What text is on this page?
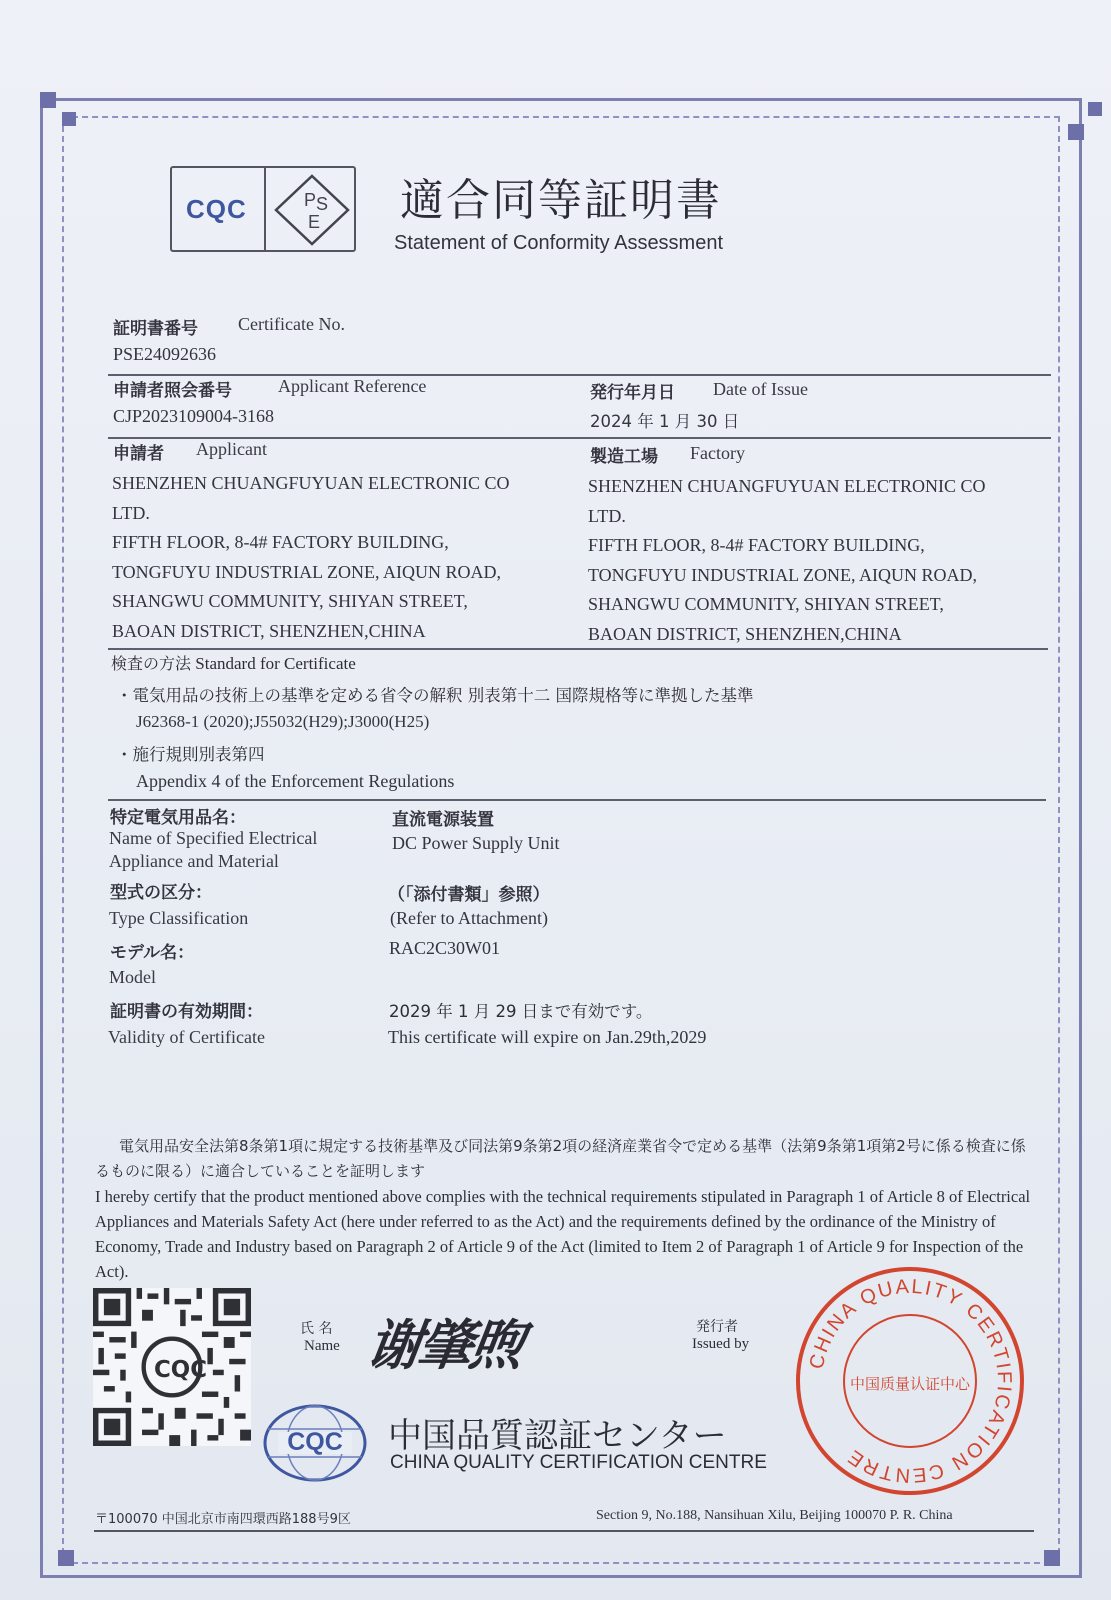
CQC	P S
E 適合同等証明書
Statement of Conformity Assessment
証明書番号 Certificate No.
PSE24092636
申請者照会番号	Applicant Reference
CJP2023109004-3168
発行年月日 Date of Issue
2024 年 1 月 30 日
申請者 Applicant
SHENZHEN CHUANGFUYUAN ELECTRONIC CO
LTD.
FIFTH FLOOR, 8-4# FACTORY BUILDING,
TONGFUYU INDUSTRIAL ZONE, AIQUN ROAD,
SHANGWU COMMUNITY, SHIYAN STREET,
BAOAN DISTRICT, SHENZHEN,CHINA
製造工場 Factory
SHENZHEN CHUANGFUYUAN ELECTRONIC CO
LTD.
FIFTH FLOOR, 8-4# FACTORY BUILDING,
TONGFUYU INDUSTRIAL ZONE, AIQUN ROAD,
SHANGWU COMMUNITY, SHIYAN STREET,
BAOAN DISTRICT, SHENZHEN,CHINA
検査の方法 Standard for Certificate
・電気用品の技術上の基準を定める省令の解釈 別表第十二 国際規格等に準拠した基準
J62368-1 (2020);J55032(H29);J3000(H25)
・施行規則別表第四
Appendix 4 of the Enforcement Regulations
特定電気用品名：
Name of Specified Electrical
Appliance and Material
直流電源装置
DC Power Supply Unit
型式の区分：
Type Classification
（「添付書類」参照）
(Refer to Attachment)
モデル名：
Model
RAC2C30W01
証明書の有効期間：
Validity of Certificate
2029 年 1 月 29 日まで有効です。
This certificate will expire on Jan.29th,2029
電気用品安全法第8条第1項に規定する技術基準及び同法第9条第2項の経済産業省令で定める基準（法第9条第1項第2号に係る検査に係るものに限る）に適合していることを証明します
I hereby certify that the product mentioned above complies with the technical requirements stipulated in Paragraph 1 of Article 8 of Electrical Appliances and Materials Safety Act (here under referred to as the Act) and the requirements defined by the ordinance of the Ministry of Economy, Trade and Industry based on Paragraph 2 of Article 9 of the Act (limited to Item 2 of Paragraph 1 of Article 9 for Inspection of the Act).
CQC
氏 名
Name 谢肇煦	発行者
Issued by
CQC 中国品質認証センター
CHINA QUALITY CERTIFICATION CENTRE
CHINA QUALITY CERTIFICATION CENTRE
中国质量认证中心
〒100070 中国北京市南四環西路188号9区	Section 9, No.188, Nansihuan Xilu, Beijing 100070 P. R. China
